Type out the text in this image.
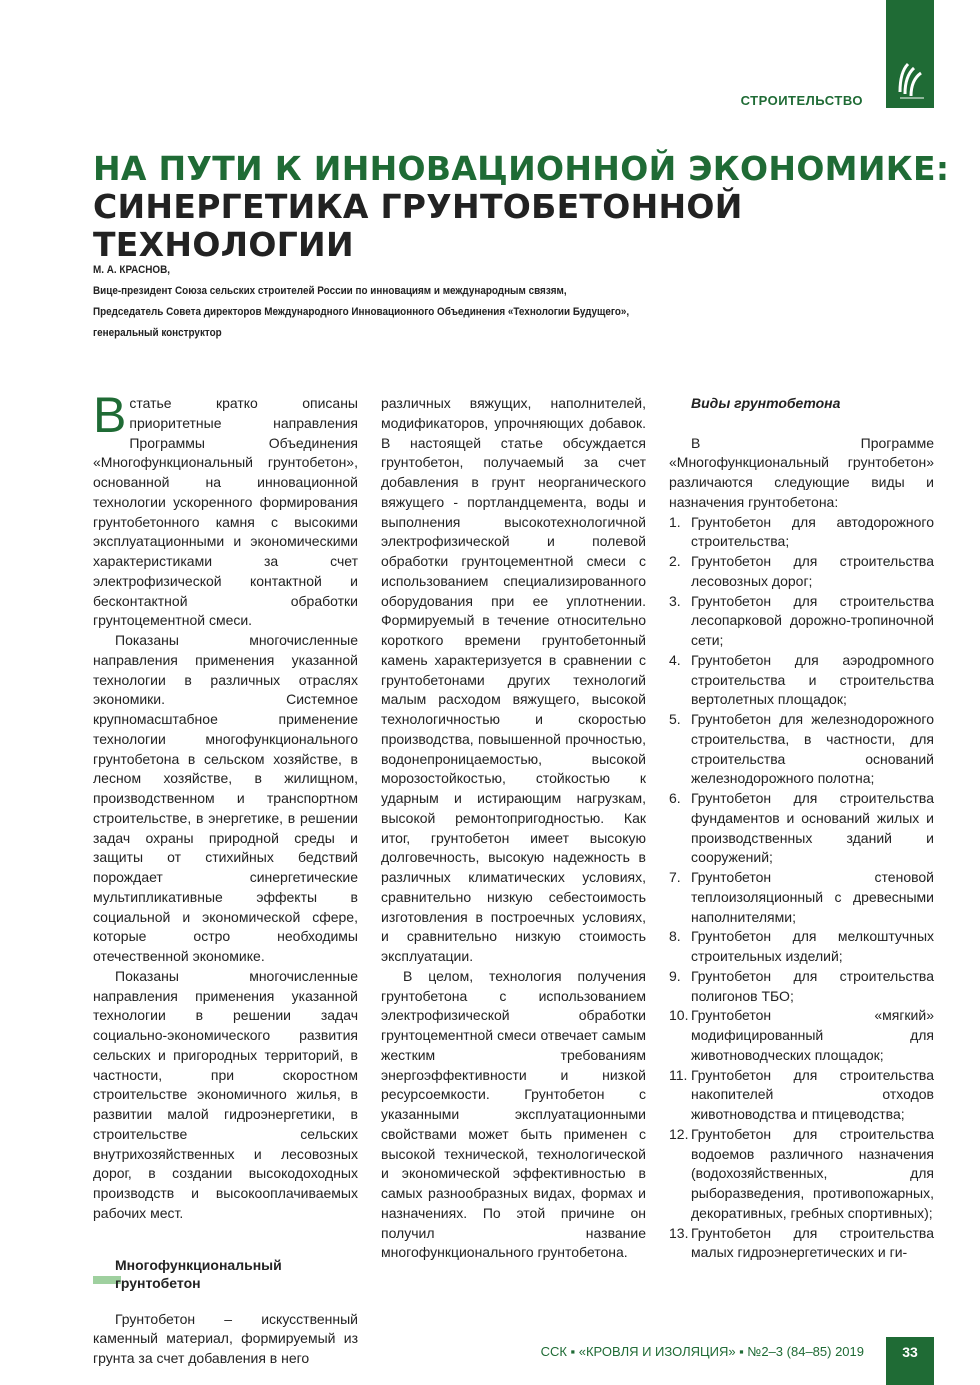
СТРОИТЕЛЬСТВО
НА ПУТИ К ИННОВАЦИОННОЙ ЭКОНОМИКЕ:
СИНЕРГЕТИКА ГРУНТОБЕТОННОЙ ТЕХНОЛОГИИ
М. А. КРАСНОВ,
Вице-президент Союза сельских строителей России по инновациям и международным связям,
Председатель Совета директоров Международного Инновационного Объединения «Технологии Будущего»,
генеральный конструктор

Встатье кратко описаны приоритетные направления Программы Объединения «Многофункциональный грунтобетон», основанной на инновационной технологии ускоренного формирования грунтобетонного камня с высокими эксплуатационными и экономическими характеристиками за счет электрофизической контактной и бесконтактной обработки грунтоцементной смеси.

Показаны многочисленные направления применения указанной технологии в различных отраслях экономики. Системное крупномасштабное применение технологии многофункционального грунтобетона в сельском хозяйстве, в лесном хозяйстве, в жилищном, производственном и транспортном строительстве, в энергетике, в решении задач охраны природной среды и защиты от стихийных бедствий порождает синергетические мультипликативные эффекты в социальной и экономической сфере, которые остро необходимы отечественной экономике.

Показаны многочисленные направления применения указанной технологии в решении задач социально-экономического развития сельских и пригородных территорий, в частности, при скоростном строительстве экономичного жилья, в развитии малой гидроэнергетики, в строительстве сельских внутрихозяйственных и лесовозных дорог, в создании высокодоходных производств и высокооплачиваемых рабочих мест.

Многофункциональный грунтобетон

Грунтобетон – искусственный каменный материал, формируемый из грунта за счет добавления в него

различных вяжущих, наполнителей, модификаторов, упрочняющих добавок. В настоящей статье обсуждается грунтобетон, получаемый за счет добавления в грунт неорганического вяжущего - портландцемента, воды и выполнения высокотехнологичной электрофизической и полевой обработки грунтоцементной смеси с использованием специализированного оборудования при ее уплотнении. Формируемый в течение относительно короткого времени грунтобетонный камень характеризуется в сравнении с грунтобетонами других технологий малым расходом вяжущего, высокой технологичностью и скоростью производства, повышенной прочностью, водонепроницаемостью, высокой морозостойкостью, стойкостью к ударным и истирающим нагрузкам, высокой ремонтопригодностью. Как итог, грунтобетон имеет высокую долговечность, высокую надежность в различных климатических условиях, сравнительно низкую себестоимость изготовления в построечных условиях, и сравнительно низкую стоимость эксплуатации.

В целом, технология получения грунтобетона с использованием электрофизической обработки грунтоцементной смеси отвечает самым жестким требованиям энергоэффективности и низкой ресурсоемкости. Грунтобетон с указанными эксплуатационными свойствами может быть применен с высокой технической, технологической и экономической эффективностью в самых разнообразных видах, формах и назначениях. По этой причине он получил название многофункционального грунтобетона.

Виды грунтобетона

В Программе «Многофункциональный грунтобетон» различаются следующие виды и назначения грунтобетона:

1. Грунтобетон для автодорожного строительства;
2. Грунтобетон для строительства лесовозных дорог;
3. Грунтобетон для строительства лесопарковой дорожно-тропиночной сети;
4. Грунтобетон для аэродромного строительства и строительства вертолетных площадок;
5. Грунтобетон для железнодорожного строительства, в частности, для строительства оснований железнодорожного полотна;
6. Грунтобетон для строительства фундаментов и оснований жилых и производственных зданий и сооружений;
7. Грунтобетон стеновой теплоизоляционный с древесными наполнителями;
8. Грунтобетон для мелкоштучных строительных изделий;
9. Грунтобетон для строительства полигонов ТБО;
10. Грунтобетон «мягкий» модифицированный для животноводческих площадок;
11. Грунтобетон для строительства накопителей отходов животноводства и птицеводства;
12. Грунтобетон для строительства водоемов различного назначения (водохозяйственных, для рыборазведения, противопожарных, декоративных, гребных спортивных);
13. Грунтобетон для строительства малых гидроэнергетических и ги-
ССК ▪ «КРОВЛЯ И ИЗОЛЯЦИЯ» ▪ №2–3 (84–85) 2019	33
